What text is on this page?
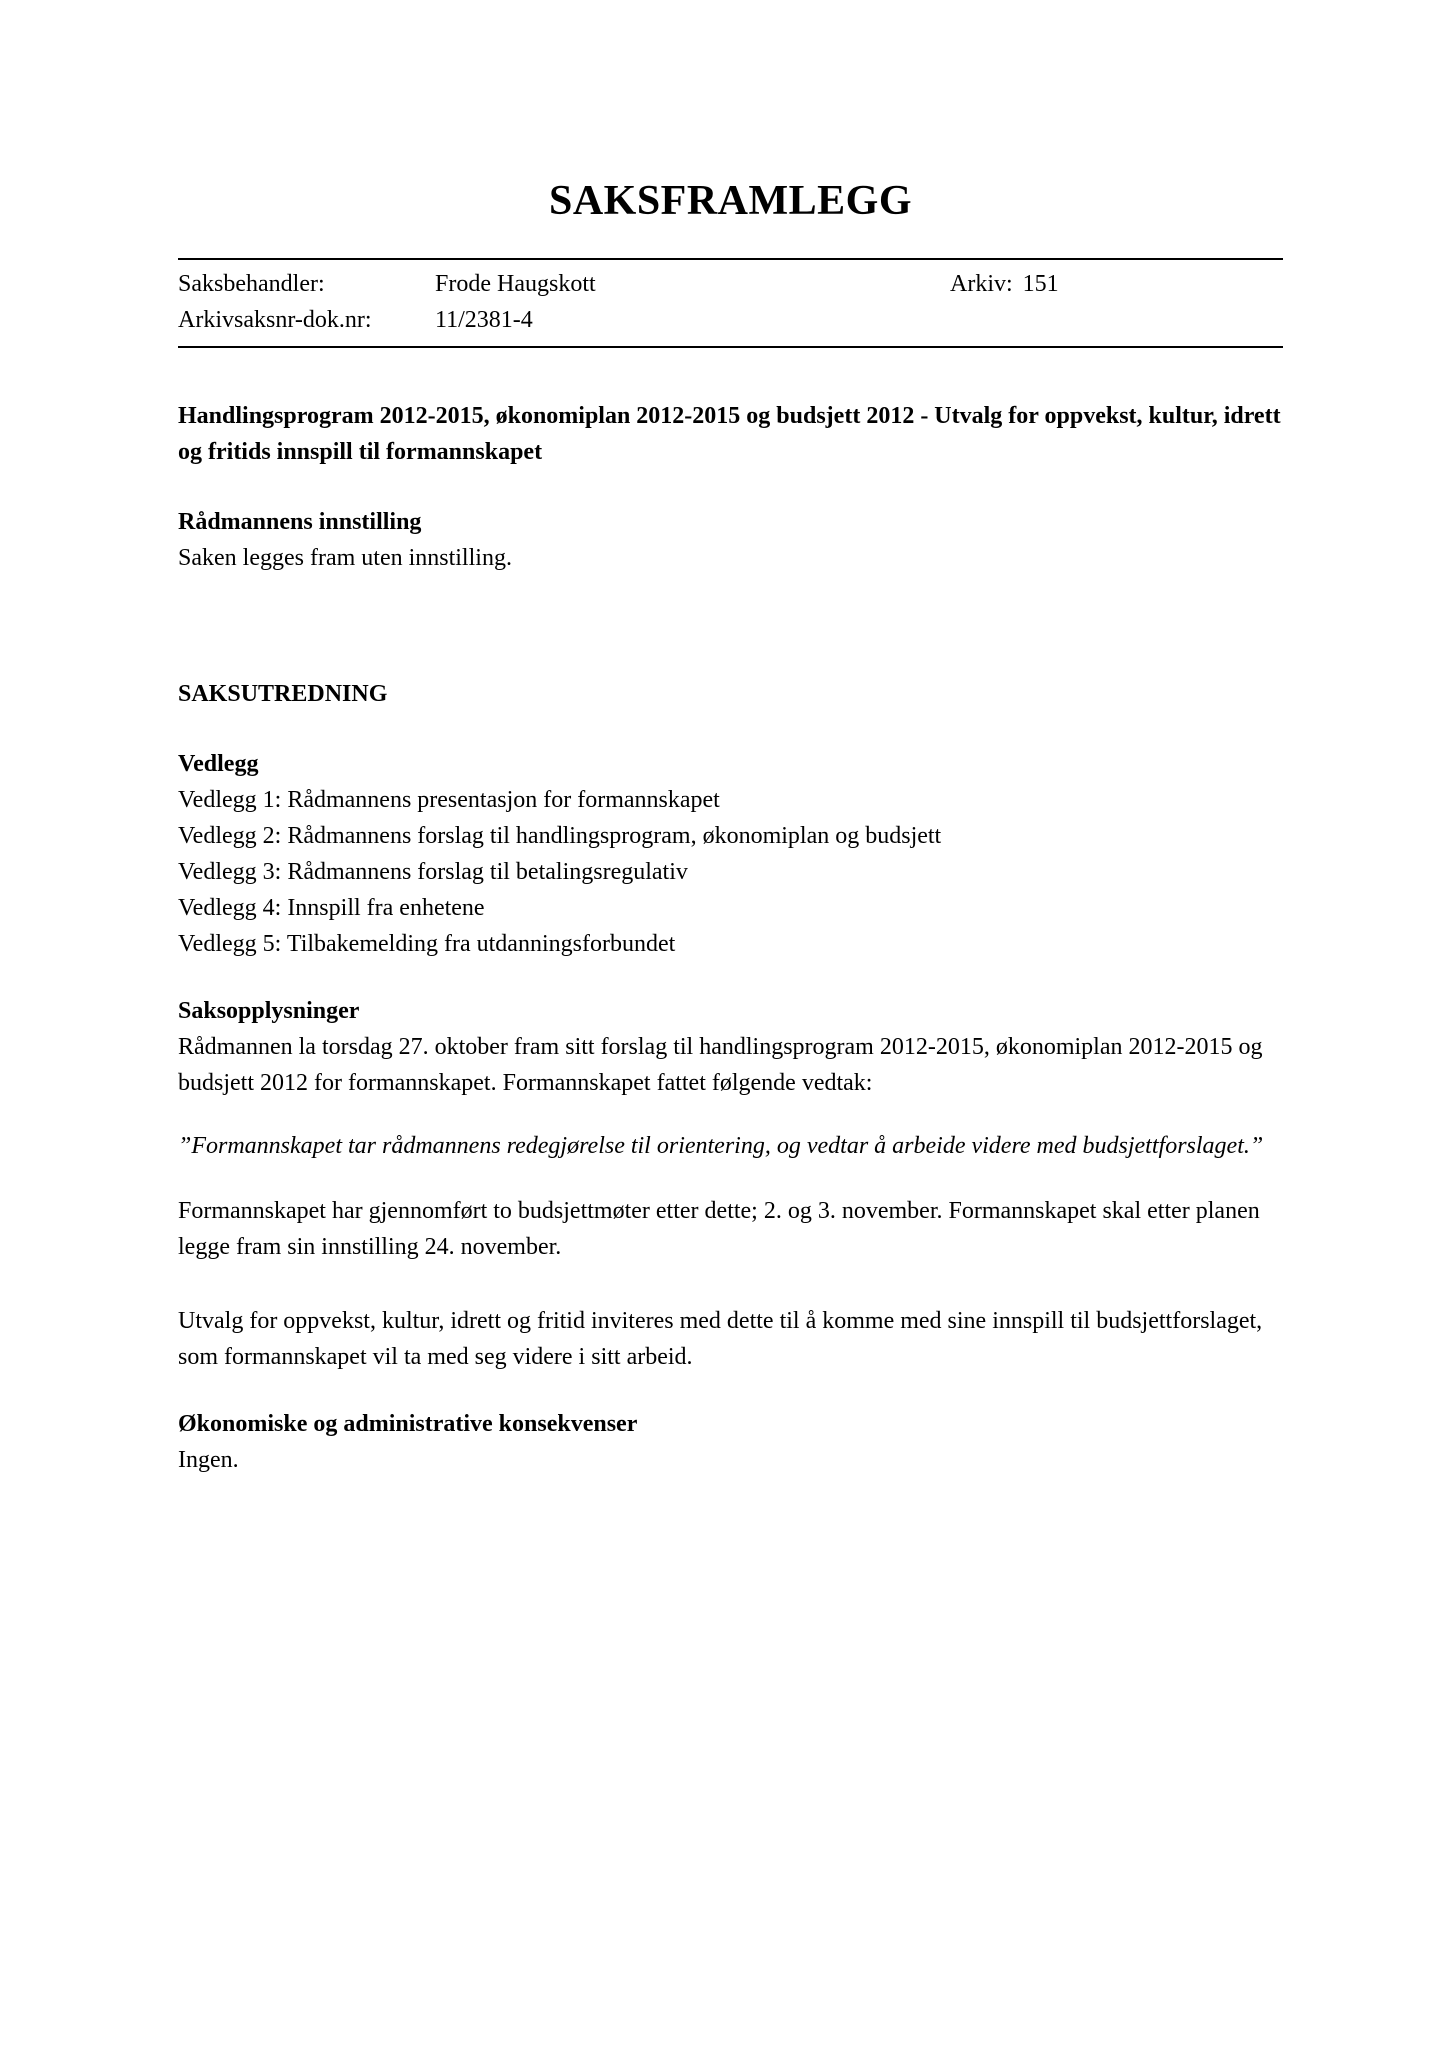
SAKSFRAMLEGG
Saksbehandler:	Frode Haugskott	Arkiv: 151
Arkivsaksnr-dok.nr:	11/2381-4

Handlingsprogram 2012-2015, økonomiplan 2012-2015 og budsjett 2012 - Utvalg for oppvekst, kultur, idrett og fritids innspill til formannskapet

Rådmannens innstilling

Saken legges fram uten innstilling.

SAKSUTREDNING

Vedlegg

Vedlegg 1: Rådmannens presentasjon for formannskapet
Vedlegg 2: Rådmannens forslag til handlingsprogram, økonomiplan og budsjett
Vedlegg 3: Rådmannens forslag til betalingsregulativ
Vedlegg 4: Innspill fra enhetene
Vedlegg 5: Tilbakemelding fra utdanningsforbundet

Saksopplysninger

Rådmannen la torsdag 27. oktober fram sitt forslag til handlingsprogram 2012-2015, økonomiplan 2012-2015 og budsjett 2012 for formannskapet. Formannskapet fattet følgende vedtak:

”Formannskapet tar rådmannens redegjørelse til orientering, og vedtar å arbeide videre med budsjettforslaget.”

Formannskapet har gjennomført to budsjettmøter etter dette; 2. og 3. november. Formannskapet skal etter planen legge fram sin innstilling 24. november.

Utvalg for oppvekst, kultur, idrett og fritid inviteres med dette til å komme med sine innspill til budsjettforslaget, som formannskapet vil ta med seg videre i sitt arbeid.

Økonomiske og administrative konsekvenser

Ingen.
